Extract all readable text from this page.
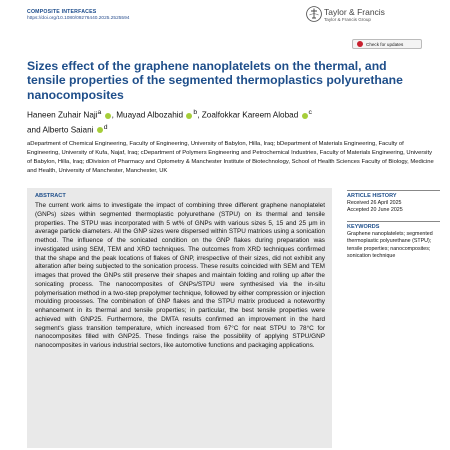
COMPOSITE INTERFACES
https://doi.org/10.1080/09276440.2025.2525594
Taylor & Francis
Taylor & Francis Group
Check for updates
Sizes effect of the graphene nanoplatelets on the thermal, and tensile properties of the segmented thermoplastics polyurethane nanocomposites
Haneen Zuhair Naji$^a$ , Muayad Albozahid $^b$, Zoalfokkar Kareem Alobad $^c$
and Alberto Saiani $^d$
aDepartment of Chemical Engineering, Faculty of Engineering, University of Babylon, Hilla, Iraq; bDepartment of Materials Engineering, Faculty of Engineering, University of Kufa, Najaf, Iraq; cDepartment of Polymers Engineering and Petrochemical Industries, Faculty of Materials Engineering, University of Babylon, Hilla, Iraq; dDivision of Pharmacy and Optometry & Manchester Institute of Biotechnology, School of Health Sciences Faculty of Biology, Medicine and Health, University of Manchester, Manchester, UK
ABSTRACT

The current work aims to investigate the impact of combining three different graphene nanoplatelet (GNPs) sizes within segmented thermoplastic polyurethane (STPU) on its thermal and tensile properties. The STPU was incorporated with 5 wt% of GNPs with various sizes 5, 15 and 25 μm in average particle diameters. All the GNP sizes were dispersed within STPU matrices using a sonication method. The influence of the sonicated condition on the GNP flakes during preparation was investigated using SEM, TEM and XRD techniques. The outcomes from XRD techniques confirmed that the shape and the peak locations of flakes of GNP, irrespective of their sizes, did not exhibit any alteration after being subjected to the sonication process. These results coincided with SEM and TEM images that proved the GNPs still preserve their shapes and maintain folding and rolling up after the sonicating process. The nanocomposites of GNPs/STPU were synthesised via the in-situ polymerisation method in a two-step prepolymer technique, followed by either compression or injection moulding processes. The combination of GNP flakes and the STPU matrix produced a noteworthy enhancement in its thermal and tensile properties; in particular, the best tensile properties were achieved with GNP25. Furthermore, the DMTA results confirmed an improvement in the hard segment's glass transition temperature, which increased from 67°C for neat STPU to 78°C for nanocomposites filled with GNP25. These findings raise the possibility of applying STPU/GNP nanocomposites in various industrial sectors, like automotive functions and packaging applications.

ARTICLE HISTORY
Received 26 April 2025
Accepted 20 June 2025
KEYWORDS
Graphene nanoplatelets; segmented thermoplastic polyurethane (STPU); tensile properties; nanocomposites; sonication technique
